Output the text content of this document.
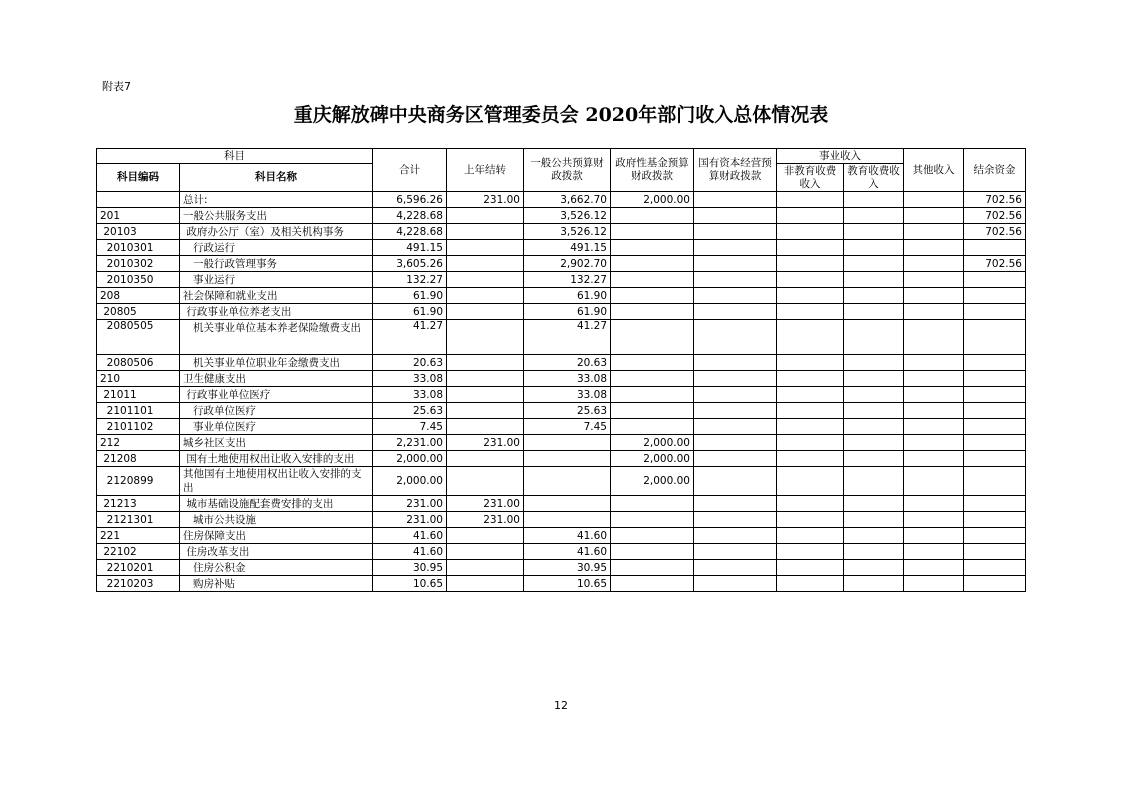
附表7
重庆解放碑中央商务区管理委员会 2020年部门收入总体情况表
科目		合计	上年结转	一般公共预算财政拨款	政府性基金预算财政拨款	国有资本经营预算财政拨款	事业收入		其他收入	结余资金
科目编码	科目名称						非教育收费收入	教育收费收入		
	总计:	6,596.26	231.00	3,662.70	2,000.00					702.56
201	一般公共服务支出	4,228.68		3,526.12						702.56
20103	政府办公厅（室）及相关机构事务	4,228.68		3,526.12						702.56
2010301	行政运行	491.15		491.15						
2010302	一般行政管理事务	3,605.26		2,902.70						702.56
2010350	事业运行	132.27		132.27						
208	社会保障和就业支出	61.90		61.90						
20805	行政事业单位养老支出	61.90		61.90						
2080505	机关事业单位基本养老保险缴费支出	41.27		41.27						
2080506	机关事业单位职业年金缴费支出	20.63		20.63						
210	卫生健康支出	33.08		33.08						
21011	行政事业单位医疗	33.08		33.08						
2101101	行政单位医疗	25.63		25.63						
2101102	事业单位医疗	7.45		7.45						
212	城乡社区支出	2,231.00	231.00		2,000.00					
21208	国有土地使用权出让收入安排的支出	2,000.00			2,000.00					
2120899	其他国有土地使用权出让收入安排的支出	2,000.00			2,000.00					
21213	城市基础设施配套费安排的支出	231.00	231.00							
2121301	城市公共设施	231.00	231.00							
221	住房保障支出	41.60		41.60						
22102	住房改革支出	41.60		41.60						
2210201	住房公积金	30.95		30.95						
2210203	购房补贴	10.65		10.65						
12
